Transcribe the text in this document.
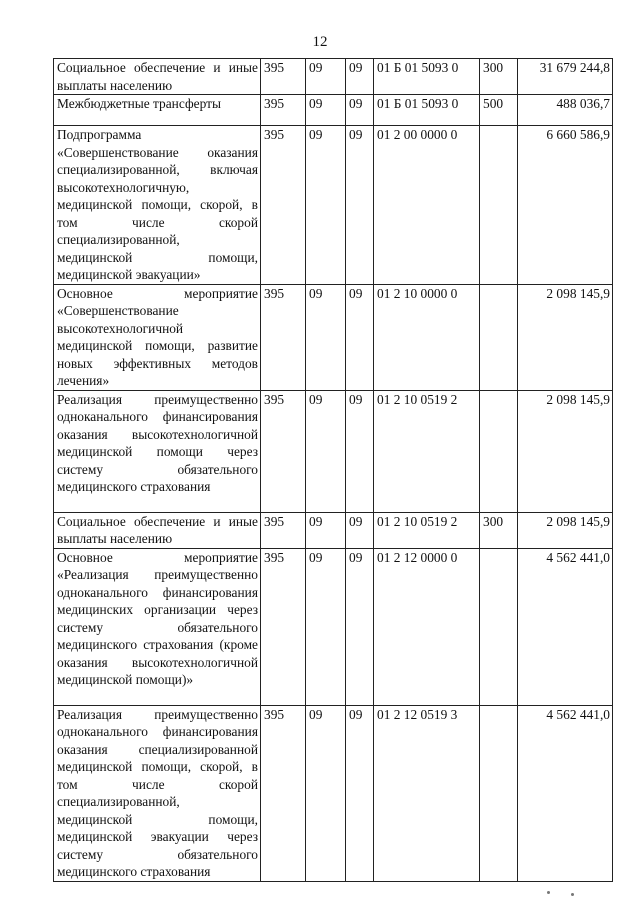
12
Социальное обеспечение и иные выплаты населению	395	09	09	01 Б 01 5093 0	300	31 679 244,8
Межбюджетные трансферты	395	09	09	01 Б 01 5093 0	500	488 036,7
Подпрограмма «Совершенствование оказания специализированной, включая высокотехнологичную, медицинской помощи, скорой, в том числе скорой специализированной, медицинской помощи, медицинской эвакуации»	395	09	09	01 2 00 0000 0		6 660 586,9
Основное мероприятие «Совершенствование высокотехнологичной медицинской помощи, развитие новых эффективных методов лечения»	395	09	09	01 2 10 0000 0		2 098 145,9
Реализация преимущественно одноканального финансирования оказания высокотехнологичной медицинской помощи через систему обязательного медицинского страхования	395	09	09	01 2 10 0519 2		2 098 145,9
Социальное обеспечение и иные выплаты населению	395	09	09	01 2 10 0519 2	300	2 098 145,9
Основное мероприятие «Реализация преимущественно одноканального финансирования медицинских организации через систему обязательного медицинского страхования (кроме оказания высокотехнологичной медицинской помощи)»	395	09	09	01 2 12 0000 0		4 562 441,0
Реализация преимущественно одноканального финансирования оказания специализированной медицинской помощи, скорой, в том числе скорой специализированной, медицинской помощи, медицинской эвакуации через систему обязательного медицинского страхования	395	09	09	01 2 12 0519 3		4 562 441,0
